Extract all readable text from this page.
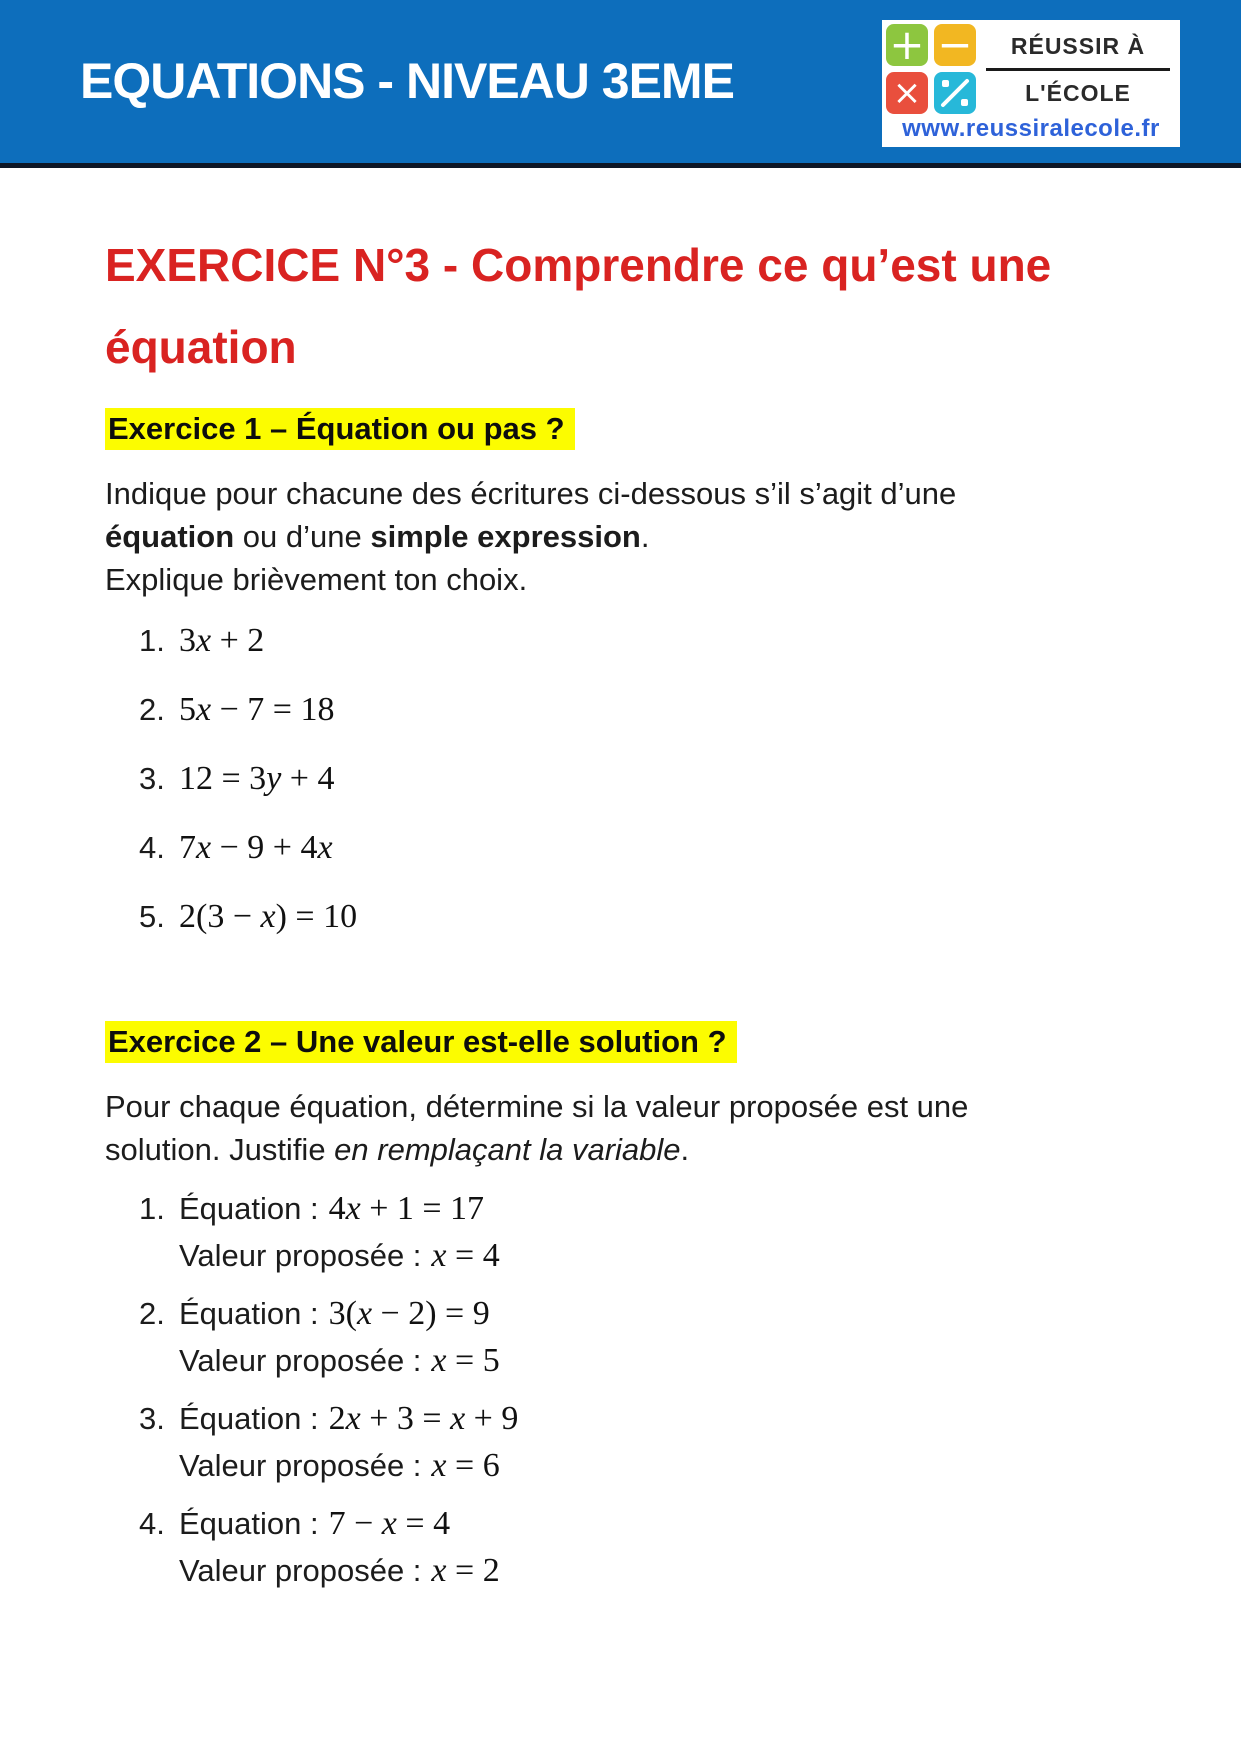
EQUATIONS - NIVEAU 3EME
+ −
×
RÉUSSIR À
L'ÉCOLE
www.reussiralecole.fr
EXERCICE N°3 - Comprendre ce qu’est une
équation
Exercice 1 – Équation ou pas ?
Indique pour chacune des écritures ci-dessous s’il s’agit d’une
équation ou d’une simple expression.
Explique brièvement ton choix.
1. 3x + 2
2. 5x − 7 = 18
3. 12 = 3y + 4
4. 7x − 9 + 4x
5. 2(3 − x) = 10
Exercice 2 – Une valeur est-elle solution ?
Pour chaque équation, détermine si la valeur proposée est une
solution. Justifie en remplaçant la variable.
1. Équation : 4x + 1 = 17
Valeur proposée : x = 4
2. Équation : 3(x − 2) = 9
Valeur proposée : x = 5
3. Équation : 2x + 3 = x + 9
Valeur proposée : x = 6
4. Équation : 7 − x = 4
Valeur proposée : x = 2
